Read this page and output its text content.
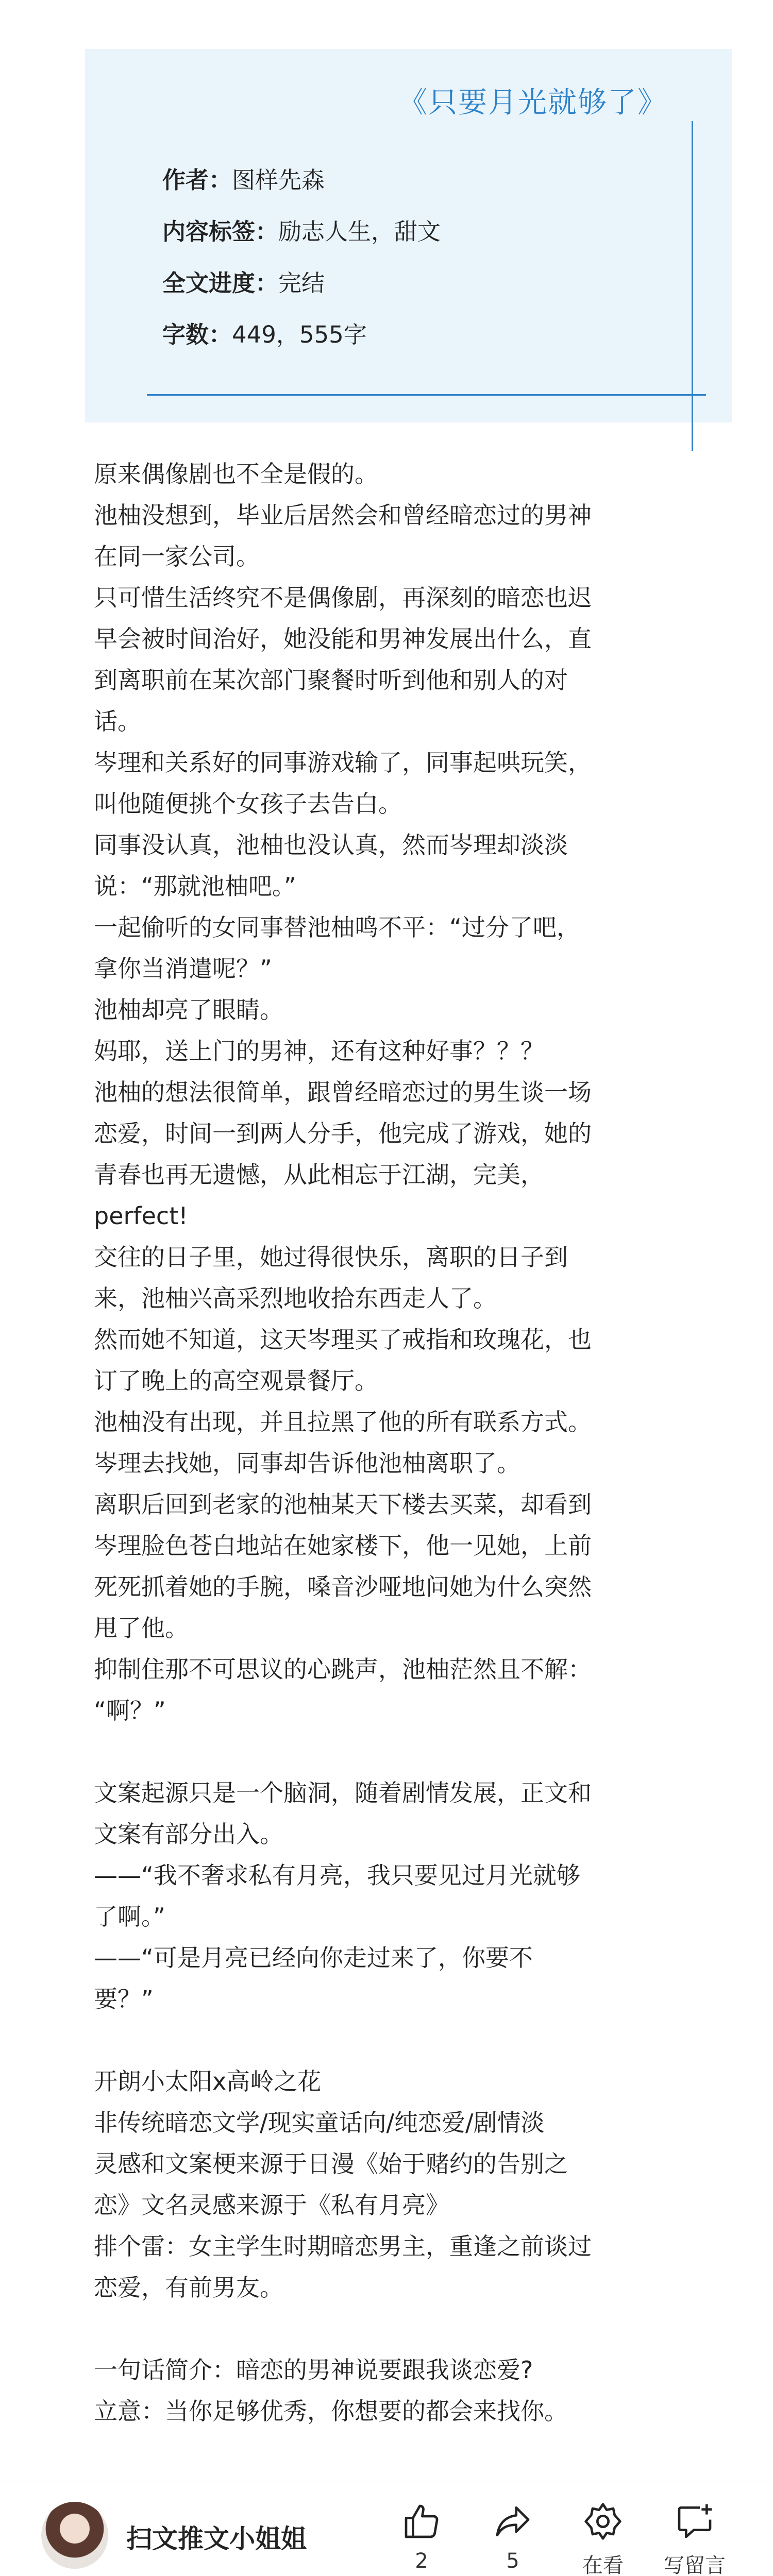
《只要月光就够了》
作者：图样先森
内容标签：励志人生，甜文
全文进度：完结
字数：449，555字
原来偶像剧也不全是假的。
池柚没想到，毕业后居然会和曾经暗恋过的男神
在同一家公司。
只可惜生活终究不是偶像剧，再深刻的暗恋也迟
早会被时间治好，她没能和男神发展出什么，直
到离职前在某次部门聚餐时听到他和别人的对
话。
岑理和关系好的同事游戏输了，同事起哄玩笑，
叫他随便挑个女孩子去告白。
同事没认真，池柚也没认真，然而岑理却淡淡
说：“那就池柚吧。”
一起偷听的女同事替池柚鸣不平：“过分了吧，
拿你当消遣呢？”
池柚却亮了眼睛。
妈耶，送上门的男神，还有这种好事？？？
池柚的想法很简单，跟曾经暗恋过的男生谈一场
恋爱，时间一到两人分手，他完成了游戏，她的
青春也再无遗憾，从此相忘于江湖，完美，
perfect!
交往的日子里，她过得很快乐，离职的日子到
来，池柚兴高采烈地收拾东西走人了。
然而她不知道，这天岑理买了戒指和玫瑰花，也
订了晚上的高空观景餐厅。
池柚没有出现，并且拉黑了他的所有联系方式。
岑理去找她，同事却告诉他池柚离职了。
离职后回到老家的池柚某天下楼去买菜，却看到
岑理脸色苍白地站在她家楼下，他一见她，上前
死死抓着她的手腕，嗓音沙哑地问她为什么突然
甩了他。
抑制住那不可思议的心跳声，池柚茫然且不解：
“啊？”
文案起源只是一个脑洞，随着剧情发展，正文和
文案有部分出入。
——“我不奢求私有月亮，我只要见过月光就够
了啊。”
——“可是月亮已经向你走过来了，你要不
要？”
开朗小太阳x高岭之花
非传统暗恋文学/现实童话向/纯恋爱/剧情淡
灵感和文案梗来源于日漫《始于赌约的告别之
恋》文名灵感来源于《私有月亮》
排个雷：女主学生时期暗恋男主，重逢之前谈过
恋爱，有前男友。
一句话简介：暗恋的男神说要跟我谈恋爱?
立意：当你足够优秀，你想要的都会来找你。
扫文推文小姐姐
2	5	在看	写留言
